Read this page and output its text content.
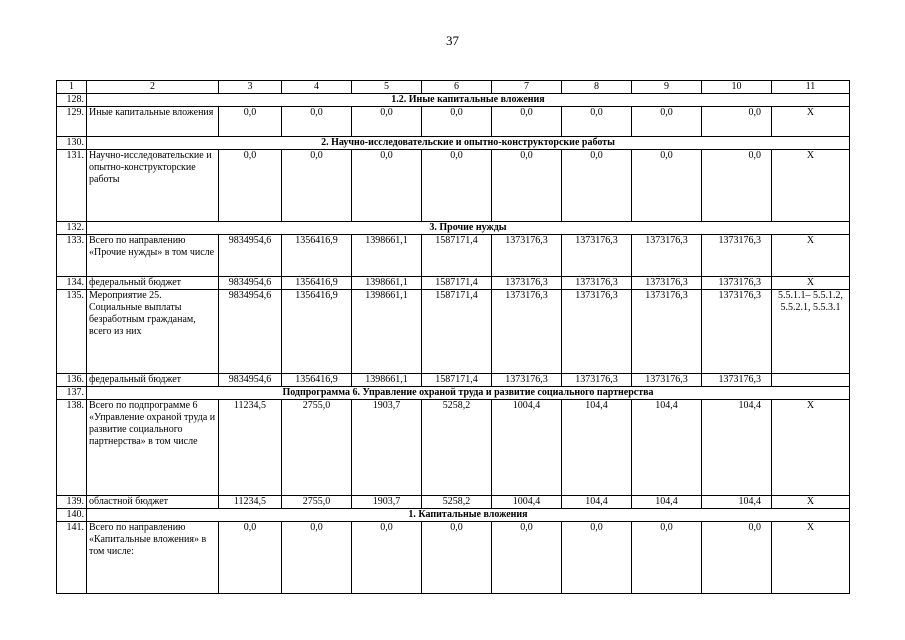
37
1	2	3	4	5	6	7	8	9	10	11
128.	1.2. Иные капитальные вложения									
129.	Иные капитальные вложения	0,0	0,0	0,0	0,0	0,0	0,0	0,0	0,0	X
130.	2. Научно-исследовательские и опытно-конструкторские работы									
131.	Научно-исследовательские и опытно-конструкторские работы	0,0	0,0	0,0	0,0	0,0	0,0	0,0	0,0	X
132.	3. Прочие нужды									
133.	Всего по направлению «Прочие нужды» в том числе	9834954,6	1356416,9	1398661,1	1587171,4	1373176,3	1373176,3	1373176,3	1373176,3	X
134.	федеральный бюджет	9834954,6	1356416,9	1398661,1	1587171,4	1373176,3	1373176,3	1373176,3	1373176,3	X
135.	Мероприятие 25. Социальные выплаты безработным гражданам, всего из них	9834954,6	1356416,9	1398661,1	1587171,4	1373176,3	1373176,3	1373176,3	1373176,3	5.5.1.1– 5.5.1.2, 5.5.2.1, 5.5.3.1
136.	федеральный бюджет	9834954,6	1356416,9	1398661,1	1587171,4	1373176,3	1373176,3	1373176,3	1373176,3	
137.	Подпрограмма 6. Управление охраной труда и развитие социального партнерства									
138.	Всего по подпрограмме 6 «Управление охраной труда и развитие социального партнерства» в том числе	11234,5	2755,0	1903,7	5258,2	1004,4	104,4	104,4	104,4	X
139.	областной бюджет	11234,5	2755,0	1903,7	5258,2	1004,4	104,4	104,4	104,4	X
140.	1. Капитальные вложения									
141.	Всего по направлению «Капитальные вложения» в том числе:	0,0	0,0	0,0	0,0	0,0	0,0	0,0	0,0	X
